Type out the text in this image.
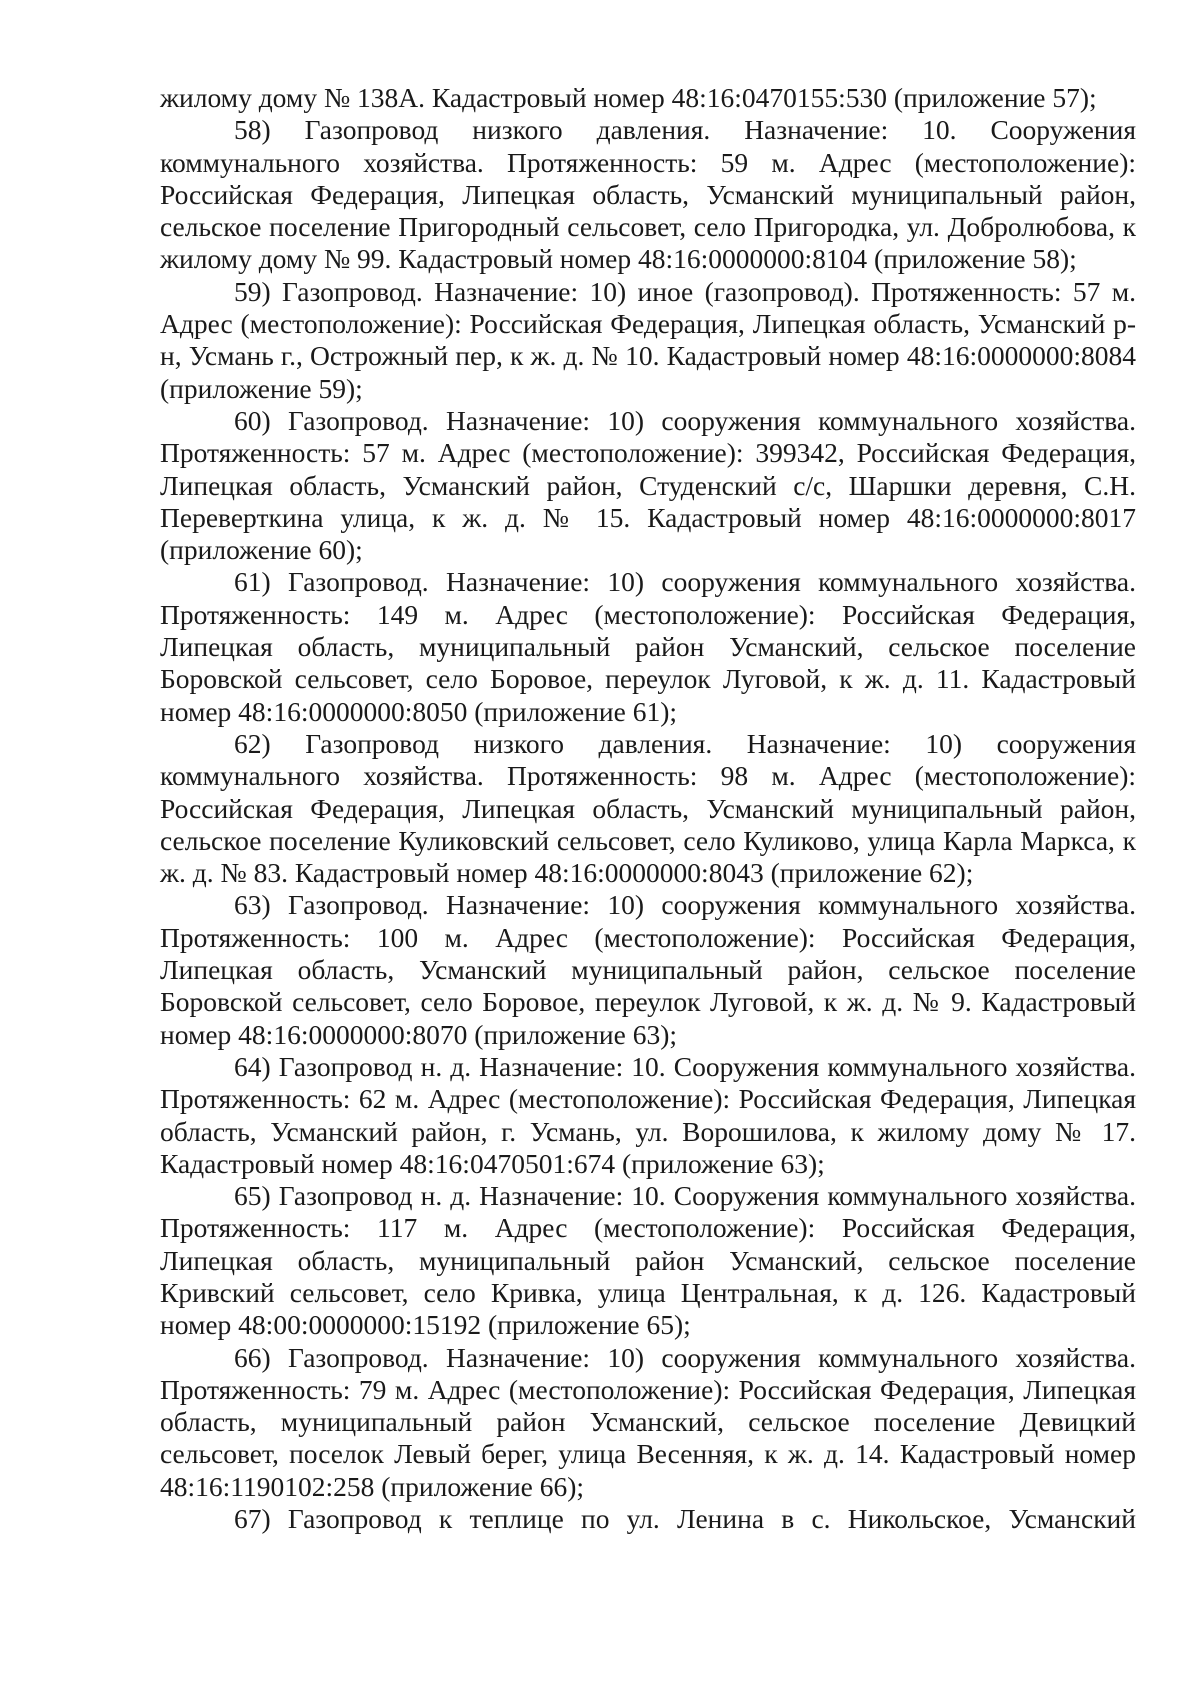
жилому дому № 138А. Кадастровый номер 48:16:0470155:530 (приложение 57);

58) Газопровод низкого давления. Назначение: 10. Сооружения коммунального хозяйства. Протяженность: 59 м. Адрес (местоположение): Российская Федерация, Липецкая область, Усманский муниципальный район, сельское поселение Пригородный сельсовет, село Пригородка, ул. Добролюбова, к жилому дому № 99. Кадастровый номер 48:16:0000000:8104 (приложение 58);

59) Газопровод. Назначение: 10) иное (газопровод). Протяженность: 57 м. Адрес (местоположение): Российская Федерация, Липецкая область, Усманский р-н, Усмань г., Острожный пер, к ж. д. № 10. Кадастровый номер 48:16:0000000:8084 (приложение 59);

60) Газопровод. Назначение: 10) сооружения коммунального хозяйства. Протяженность: 57 м. Адрес (местоположение): 399342, Российская Федерация, Липецкая область, Усманский район, Студенский с/с, Шаршки деревня, С.Н. Переверткина улица, к ж. д. № 15. Кадастровый номер 48:16:0000000:8017 (приложение 60);

61) Газопровод. Назначение: 10) сооружения коммунального хозяйства. Протяженность: 149 м. Адрес (местоположение): Российская Федерация, Липецкая область, муниципальный район Усманский, сельское поселение Боровской сельсовет, село Боровое, переулок Луговой, к ж. д. 11. Кадастровый номер 48:16:0000000:8050 (приложение 61);

62) Газопровод низкого давления. Назначение: 10) сооружения коммунального хозяйства. Протяженность: 98 м. Адрес (местоположение): Российская Федерация, Липецкая область, Усманский муниципальный район, сельское поселение Куликовский сельсовет, село Куликово, улица Карла Маркса, к ж. д. № 83. Кадастровый номер 48:16:0000000:8043 (приложение 62);

63) Газопровод. Назначение: 10) сооружения коммунального хозяйства. Протяженность: 100 м. Адрес (местоположение): Российская Федерация, Липецкая область, Усманский муниципальный район, сельское поселение Боровской сельсовет, село Боровое, переулок Луговой, к ж. д. № 9. Кадастровый номер 48:16:0000000:8070 (приложение 63);

64) Газопровод н. д. Назначение: 10. Сооружения коммунального хозяйства. Протяженность: 62 м. Адрес (местоположение): Российская Федерация, Липецкая область, Усманский район, г. Усмань, ул. Ворошилова, к жилому дому № 17. Кадастровый номер 48:16:0470501:674 (приложение 63);

65) Газопровод н. д. Назначение: 10. Сооружения коммунального хозяйства. Протяженность: 117 м. Адрес (местоположение): Российская Федерация, Липецкая область, муниципальный район Усманский, сельское поселение Кривский сельсовет, село Кривка, улица Центральная, к д. 126. Кадастровый номер 48:00:0000000:15192 (приложение 65);

66) Газопровод. Назначение: 10) сооружения коммунального хозяйства. Протяженность: 79 м. Адрес (местоположение): Российская Федерация, Липецкая область, муниципальный район Усманский, сельское поселение Девицкий сельсовет, поселок Левый берег, улица Весенняя, к ж. д. 14. Кадастровый номер 48:16:1190102:258 (приложение 66);

67) Газопровод к теплице по ул. Ленина в с. Никольское, Усманский
